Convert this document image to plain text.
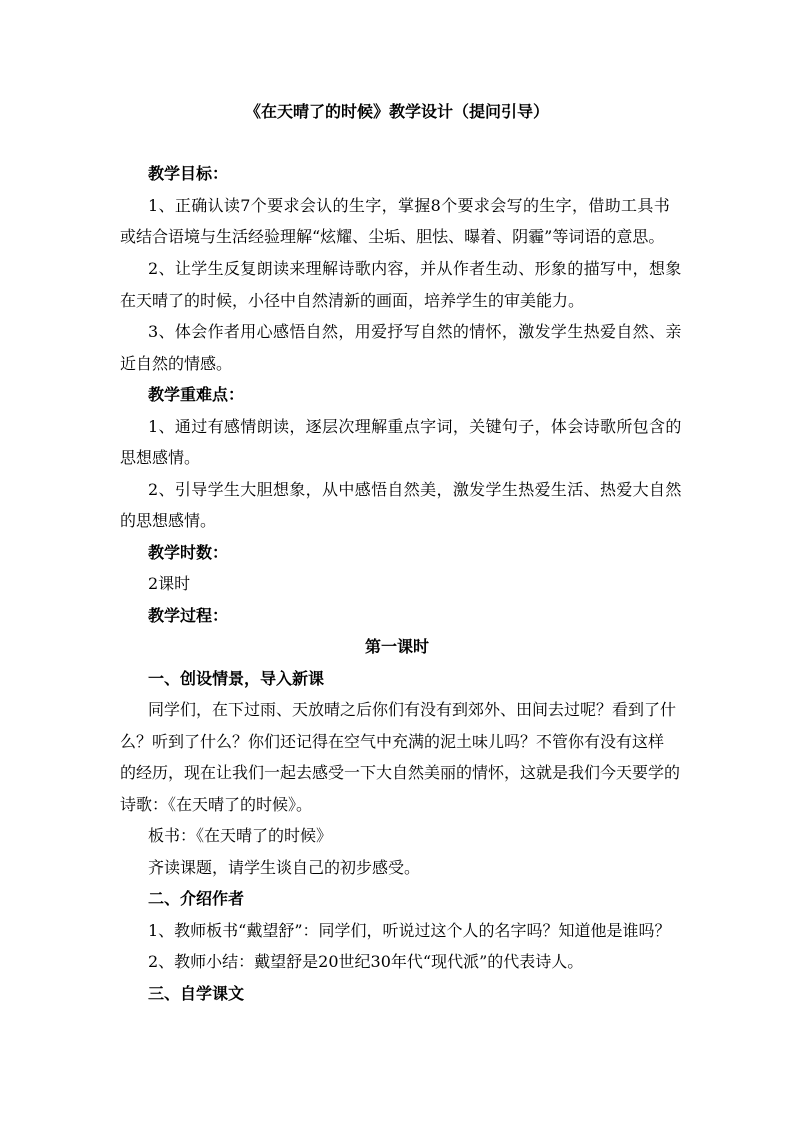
《在天晴了的时候》教学设计（提问引导）
教学目标：
1、正确认读7个要求会认的生字，掌握8个要求会写的生字，借助工具书
或结合语境与生活经验理解“炫耀、尘垢、胆怯、曝着、阴霾”等词语的意思。
2、让学生反复朗读来理解诗歌内容，并从作者生动、形象的描写中，想象
在天晴了的时候，小径中自然清新的画面，培养学生的审美能力。
3、体会作者用心感悟自然，用爱抒写自然的情怀，激发学生热爱自然、亲
近自然的情感。
教学重难点：
1、通过有感情朗读，逐层次理解重点字词，关键句子，体会诗歌所包含的
思想感情。
2、引导学生大胆想象，从中感悟自然美，激发学生热爱生活、热爱大自然
的思想感情。
教学时数：
2课时
教学过程：
第一课时
一、创设情景，导入新课
同学们，在下过雨、天放晴之后你们有没有到郊外、田间去过呢？看到了什
么？听到了什么？你们还记得在空气中充满的泥土味儿吗？不管你有没有这样
的经历，现在让我们一起去感受一下大自然美丽的情怀，这就是我们今天要学的
诗歌：《在天晴了的时候》。
板书：《在天晴了的时候》
齐读课题，请学生谈自己的初步感受。
二、介绍作者
1、教师板书“戴望舒”：同学们，听说过这个人的名字吗？知道他是谁吗？
2、教师小结：戴望舒是20世纪30年代“现代派”的代表诗人。
三、自学课文
